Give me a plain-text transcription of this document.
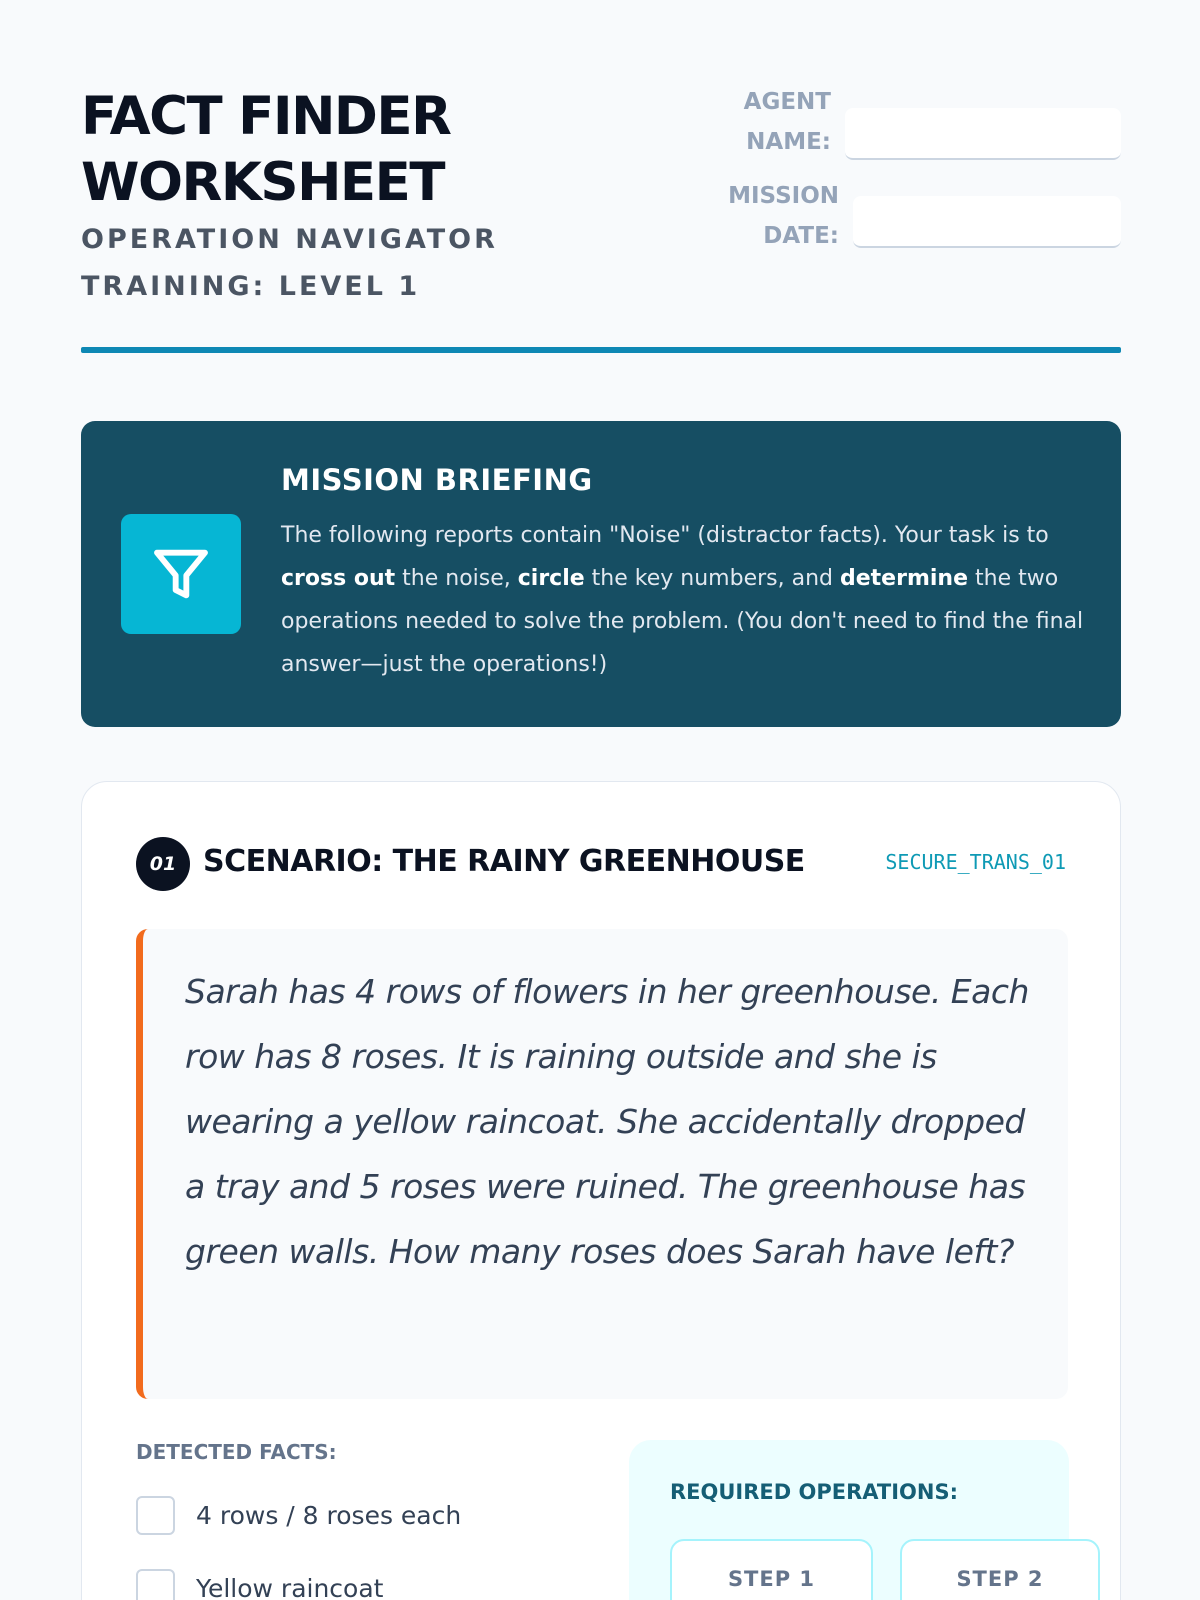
FACT FINDER
WORKSHEET
OPERATION NAVIGATOR
TRAINING: LEVEL 1
AGENT
NAME:
MISSION
DATE:
MISSION BRIEFING
The following reports contain "Noise" (distractor facts). Your task is to cross out the noise, circle the key numbers, and determine the two operations needed to solve the problem. (You don't need to find the final answer—just the operations!)
01 SCENARIO: THE RAINY GREENHOUSE	SECURE_TRANS_01
Sarah has 4 rows of flowers in her greenhouse. Each row has 8 roses. It is raining outside and she is wearing a yellow raincoat. She accidentally dropped a tray and 5 roses were ruined. The greenhouse has green walls. How many roses does Sarah have left?
DETECTED FACTS:
4 rows / 8 roses each
Yellow raincoat
REQUIRED OPERATIONS:
STEP 1	STEP 2
